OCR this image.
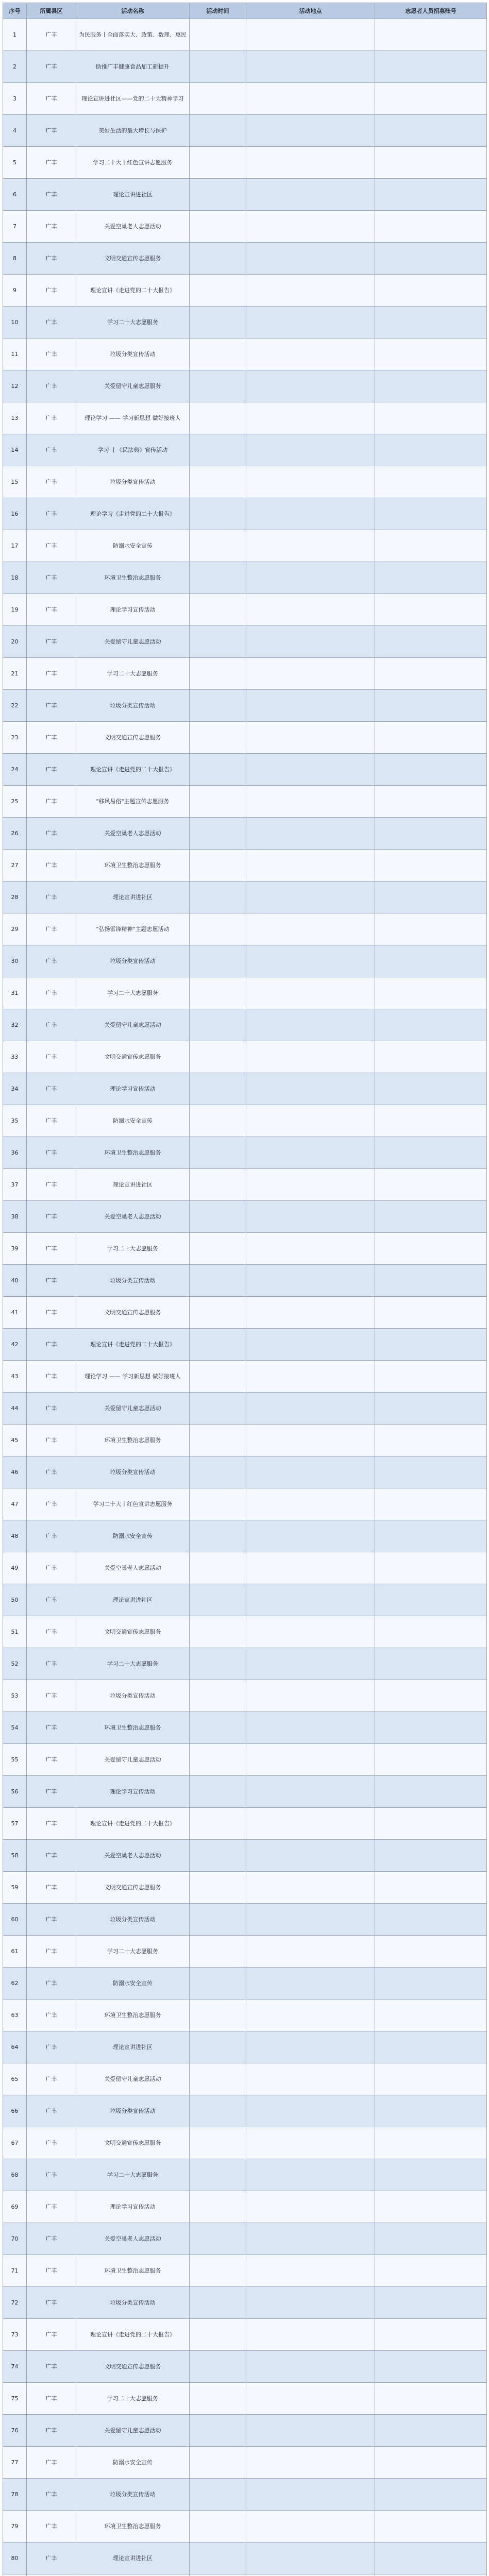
序号	所属县区	活动名称	活动时间	活动地点	志愿者人员招募账号
1	广丰	为民服务丨全面落实大、政策、数理、惠民			
2	广丰	助推广丰健康食品加工新提升			
3	广丰	理论宣讲进社区——党的二十大精神学习			
4	广丰	美好生活的最大增长与保护			
5	广丰	学习二十大丨红色宣讲志愿服务			
6	广丰	理论宣讲进社区			
7	广丰	关爱空巢老人志愿活动			
8	广丰	文明交通宣传志愿服务			
9	广丰	理论宣讲《走进党的二十大报告》			
10	广丰	学习二十大志愿服务			
11	广丰	垃圾分类宣传活动			
12	广丰	关爱留守儿童志愿服务			
13	广丰	理论学习 —— 学习新思想 做好接班人			
14	广丰	学习 丨《民法典》宣传活动			
15	广丰	垃圾分类宣传活动			
16	广丰	理论学习《走进党的二十大报告》			
17	广丰	防溺水安全宣传			
18	广丰	环境卫生整治志愿服务			
19	广丰	理论学习宣传活动			
20	广丰	关爱留守儿童志愿活动			
21	广丰	学习二十大志愿服务			
22	广丰	垃圾分类宣传活动			
23	广丰	文明交通宣传志愿服务			
24	广丰	理论宣讲《走进党的二十大报告》			
25	广丰	"移风易俗"主题宣传志愿服务			
26	广丰	关爱空巢老人志愿活动			
27	广丰	环境卫生整治志愿服务			
28	广丰	理论宣讲进社区			
29	广丰	"弘扬雷锋精神"主题志愿活动			
30	广丰	垃圾分类宣传活动			
31	广丰	学习二十大志愿服务			
32	广丰	关爱留守儿童志愿活动			
33	广丰	文明交通宣传志愿服务			
34	广丰	理论学习宣传活动			
35	广丰	防溺水安全宣传			
36	广丰	环境卫生整治志愿服务			
37	广丰	理论宣讲进社区			
38	广丰	关爱空巢老人志愿活动			
39	广丰	学习二十大志愿服务			
40	广丰	垃圾分类宣传活动			
41	广丰	文明交通宣传志愿服务			
42	广丰	理论宣讲《走进党的二十大报告》			
43	广丰	理论学习 —— 学习新思想 做好接班人			
44	广丰	关爱留守儿童志愿活动			
45	广丰	环境卫生整治志愿服务			
46	广丰	垃圾分类宣传活动			
47	广丰	学习二十大丨红色宣讲志愿服务			
48	广丰	防溺水安全宣传			
49	广丰	关爱空巢老人志愿活动			
50	广丰	理论宣讲进社区			
51	广丰	文明交通宣传志愿服务			
52	广丰	学习二十大志愿服务			
53	广丰	垃圾分类宣传活动			
54	广丰	环境卫生整治志愿服务			
55	广丰	关爱留守儿童志愿活动			
56	广丰	理论学习宣传活动			
57	广丰	理论宣讲《走进党的二十大报告》			
58	广丰	关爱空巢老人志愿活动			
59	广丰	文明交通宣传志愿服务			
60	广丰	垃圾分类宣传活动			
61	广丰	学习二十大志愿服务			
62	广丰	防溺水安全宣传			
63	广丰	环境卫生整治志愿服务			
64	广丰	理论宣讲进社区			
65	广丰	关爱留守儿童志愿活动			
66	广丰	垃圾分类宣传活动			
67	广丰	文明交通宣传志愿服务			
68	广丰	学习二十大志愿服务			
69	广丰	理论学习宣传活动			
70	广丰	关爱空巢老人志愿活动			
71	广丰	环境卫生整治志愿服务			
72	广丰	垃圾分类宣传活动			
73	广丰	理论宣讲《走进党的二十大报告》			
74	广丰	文明交通宣传志愿服务			
75	广丰	学习二十大志愿服务			
76	广丰	关爱留守儿童志愿活动			
77	广丰	防溺水安全宣传			
78	广丰	垃圾分类宣传活动			
79	广丰	环境卫生整治志愿服务			
80	广丰	理论宣讲进社区			
